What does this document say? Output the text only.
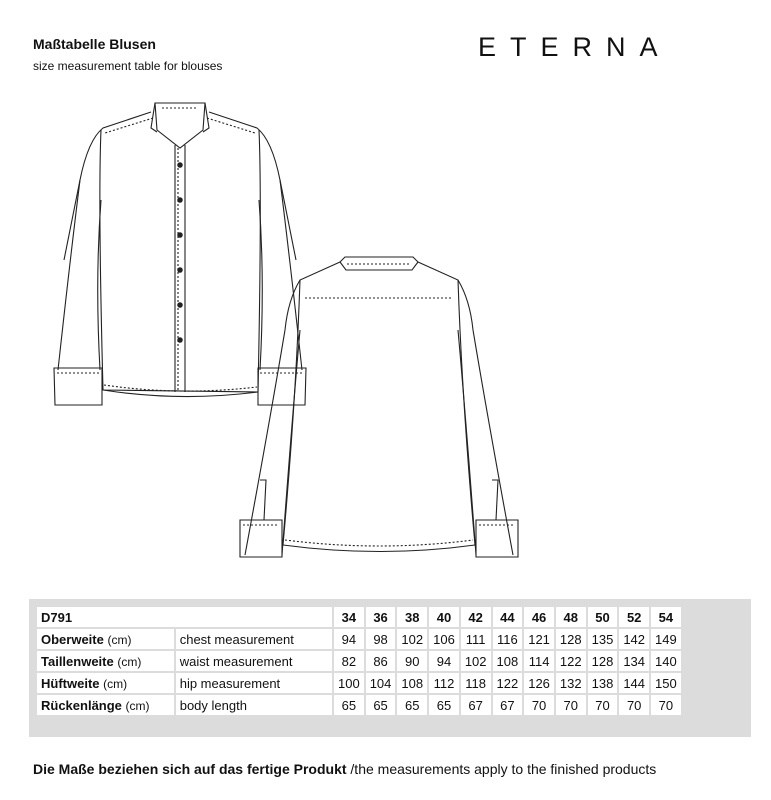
Maßtabelle Blusen
size measurement table for blouses
ETERNA
D791		34	36	38	40	42	44	46	48	50	52	54
Oberweite (cm)	chest measurement	94	98	102	106	111	116	121	128	135	142	149
Taillenweite (cm)	waist measurement	82	86	90	94	102	108	114	122	128	134	140
Hüftweite (cm)	hip measurement	100	104	108	112	118	122	126	132	138	144	150
Rückenlänge (cm)	body length	65	65	65	65	67	67	70	70	70	70	70
Die Maße beziehen sich auf das fertige Produkt /the measurements apply to the finished products
